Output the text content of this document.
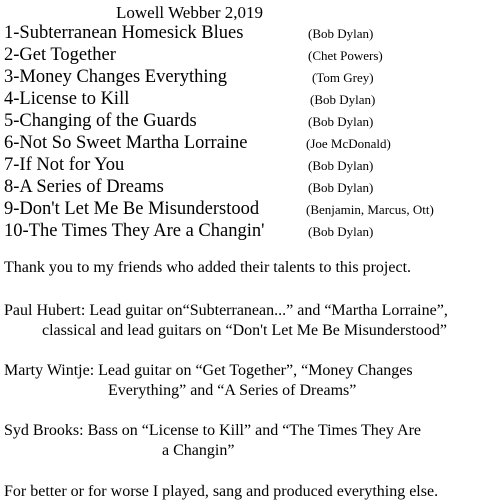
Lowell Webber 2,019
1-Subterranean Homesick Blues	(Bob Dylan)
2-Get Together	(Chet Powers)
3-Money Changes Everything	(Tom Grey)
4-License to Kill	(Bob Dylan)
5-Changing of the Guards	(Bob Dylan)
6-Not So Sweet Martha Lorraine	(Joe McDonald)
7-If Not for You	(Bob Dylan)
8-A Series of Dreams	(Bob Dylan)
9-Don't Let Me Be Misunderstood	(Benjamin, Marcus, Ott)
10-The Times They Are a Changin'	(Bob Dylan)
Thank you to my friends who added their talents to this project.
Paul Hubert: Lead guitar on“Subterranean...” and “Martha Lorraine”,
classical and lead guitars on “Don't Let Me Be Misunderstood”
Marty Wintje: Lead guitar on “Get Together”, “Money Changes
Everything” and “A Series of Dreams”
Syd Brooks: Bass on “License to Kill” and “The Times They Are
a Changin”
For better or for worse I played, sang and produced everything else.
